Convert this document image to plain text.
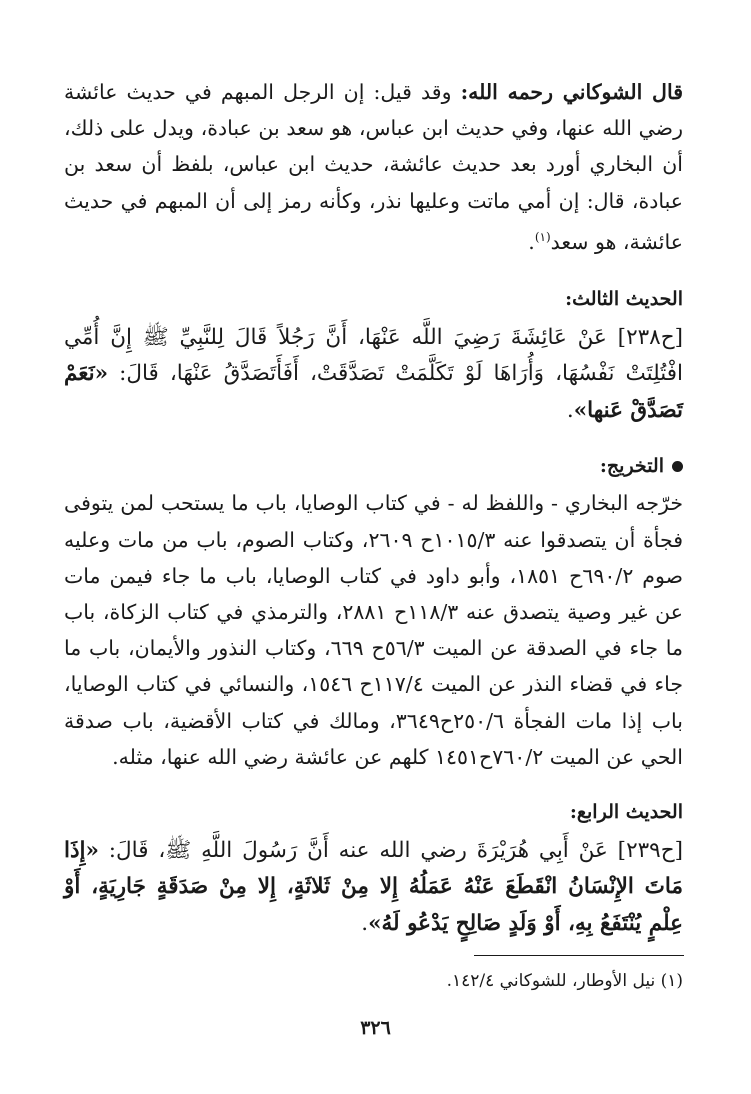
قال الشوكاني رحمه الله: وقد قيل: إن الرجل المبهم في حديث عائشة رضي الله عنها، وفي حديث ابن عباس، هو سعد بن عبادة، ويدل على ذلك، أن البخاري أورد بعد حديث عائشة، حديث ابن عباس، بلفظ أن سعد بن عبادة، قال: إن أمي ماتت وعليها نذر، وكأنه رمز إلى أن المبهم في حديث عائشة، هو سعد$^{(١)}$.

الحديث الثالث:

[ح٢٣٨] عَنْ عَائِشَةَ رَضِيَ اللَّه عَنْهَا، أَنَّ رَجُلاً قَالَ لِلنَّبِيِّ ﷺ إِنَّ أُمِّي افْتُلِتَتْ نَفْسُهَا، وَأُرَاهَا لَوْ تَكَلَّمَتْ تَصَدَّقَتْ، أَفَأَتَصَدَّقُ عَنْهَا، قَالَ: «نَعَمْ تَصَدَّقْ عَنها».

التخريج:

خرّجه البخاري - واللفظ له - في كتاب الوصايا، باب ما يستحب لمن يتوفى فجأة أن يتصدقوا عنه ١٠١٥/٣ح ٢٦٠٩، وكتاب الصوم، باب من مات وعليه صوم ٦٩٠/٢ح ١٨٥١، وأبو داود في كتاب الوصايا، باب ما جاء فيمن مات عن غير وصية يتصدق عنه ١١٨/٣ح ٢٨٨١، والترمذي في كتاب الزكاة، باب ما جاء في الصدقة عن الميت ٥٦/٣ح ٦٦٩، وكتاب النذور والأيمان، باب ما جاء في قضاء النذر عن الميت ١١٧/٤ح ١٥٤٦، والنسائي في كتاب الوصايا، باب إذا مات الفجأة ٢٥٠/٦ح٣٦٤٩، ومالك في كتاب الأقضية، باب صدقة الحي عن الميت ٧٦٠/٢ح١٤٥١ كلهم عن عائشة رضي الله عنها، مثله.

الحديث الرابع:

[ح٢٣٩] عَنْ أَبِي هُرَيْرَةَ رضي الله عنه أَنَّ رَسُولَ اللَّهِ ﷺ، قَالَ: «إِذَا مَاتَ الإِنْسَانُ انْقَطَعَ عَنْهُ عَمَلُهُ إِلا مِنْ ثَلاثَةٍ، إِلا مِنْ صَدَقَةٍ جَارِيَةٍ، أَوْ عِلْمٍ يُنْتَفَعُ بِهِ، أَوْ وَلَدٍ صَالِحٍ يَدْعُو لَهُ».

(١) نيل الأوطار، للشوكاني ١٤٢/٤.
٣٢٦
